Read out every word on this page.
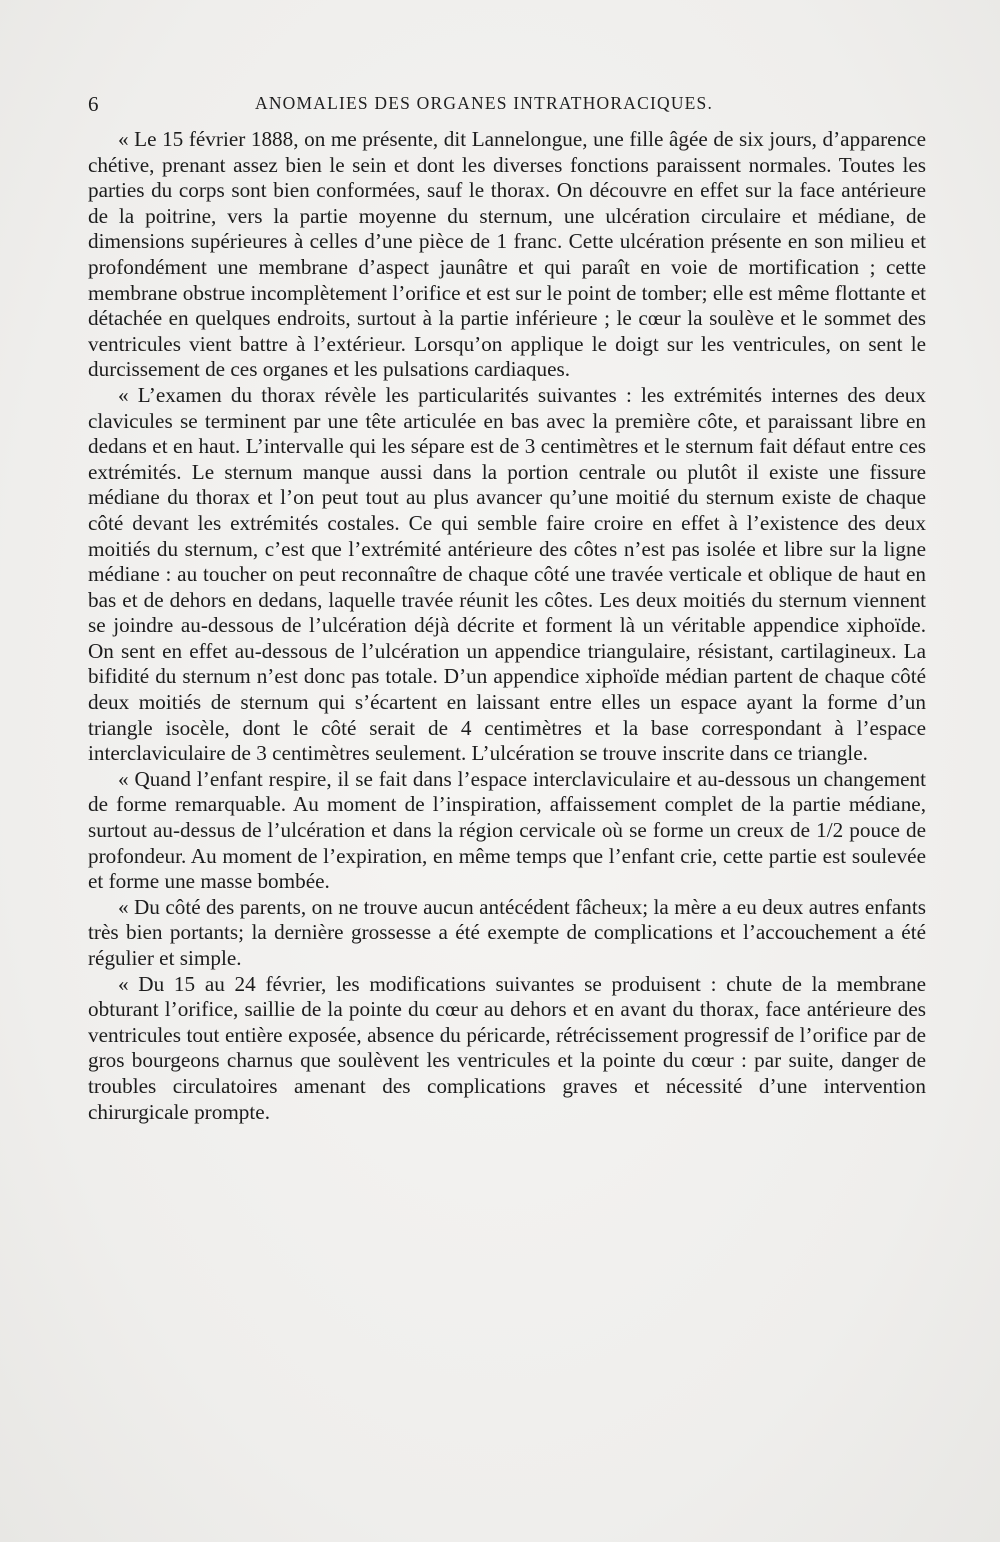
6	ANOMALIES DES ORGANES INTRATHORACIQUES.

« Le 15 février 1888, on me présente, dit Lannelongue, une fille âgée de six jours, d’apparence chétive, prenant assez bien le sein et dont les diverses fonctions paraissent normales. Toutes les parties du corps sont bien conformées, sauf le thorax. On découvre en effet sur la face antérieure de la poitrine, vers la partie moyenne du sternum, une ulcération circulaire et médiane, de dimensions supérieures à celles d’une pièce de 1 franc. Cette ulcération présente en son milieu et profondément une membrane d’aspect jaunâtre et qui paraît en voie de mortification ; cette membrane obstrue incomplètement l’orifice et est sur le point de tomber; elle est même flottante et détachée en quelques endroits, surtout à la partie inférieure ; le cœur la soulève et le sommet des ventricules vient battre à l’extérieur. Lorsqu’on applique le doigt sur les ventricules, on sent le durcissement de ces organes et les pulsations cardiaques.

« L’examen du thorax révèle les particularités suivantes : les extrémités internes des deux clavicules se terminent par une tête articulée en bas avec la première côte, et paraissant libre en dedans et en haut. L’intervalle qui les sépare est de 3 centimètres et le sternum fait défaut entre ces extrémités. Le sternum manque aussi dans la portion centrale ou plutôt il existe une fissure médiane du thorax et l’on peut tout au plus avancer qu’une moitié du sternum existe de chaque côté devant les extrémités costales. Ce qui semble faire croire en effet à l’existence des deux moitiés du sternum, c’est que l’extrémité antérieure des côtes n’est pas isolée et libre sur la ligne médiane : au toucher on peut reconnaître de chaque côté une travée verticale et oblique de haut en bas et de dehors en dedans, laquelle travée réunit les côtes. Les deux moitiés du sternum viennent se joindre au-dessous de l’ulcération déjà décrite et forment là un véritable appendice xiphoïde. On sent en effet au-dessous de l’ulcération un appendice triangulaire, résistant, cartilagineux. La bifidité du sternum n’est donc pas totale. D’un appendice xiphoïde médian partent de chaque côté deux moitiés de sternum qui s’écartent en laissant entre elles un espace ayant la forme d’un triangle isocèle, dont le côté serait de 4 centimètres et la base correspondant à l’espace interclaviculaire de 3 centimètres seulement. L’ulcération se trouve inscrite dans ce triangle.

« Quand l’enfant respire, il se fait dans l’espace interclaviculaire et au-dessous un changement de forme remarquable. Au moment de l’inspiration, affaissement complet de la partie médiane, surtout au-dessus de l’ulcération et dans la région cervicale où se forme un creux de 1/2 pouce de profondeur. Au moment de l’expiration, en même temps que l’enfant crie, cette partie est soulevée et forme une masse bombée.

« Du côté des parents, on ne trouve aucun antécédent fâcheux; la mère a eu deux autres enfants très bien portants; la dernière grossesse a été exempte de complications et l’accouchement a été régulier et simple.

« Du 15 au 24 février, les modifications suivantes se produisent : chute de la membrane obturant l’orifice, saillie de la pointe du cœur au dehors et en avant du thorax, face antérieure des ventricules tout entière exposée, absence du péricarde, rétrécissement progressif de l’orifice par de gros bourgeons charnus que soulèvent les ventricules et la pointe du cœur : par suite, danger de troubles circulatoires amenant des complications graves et nécessité d’une intervention chirurgicale prompte.
